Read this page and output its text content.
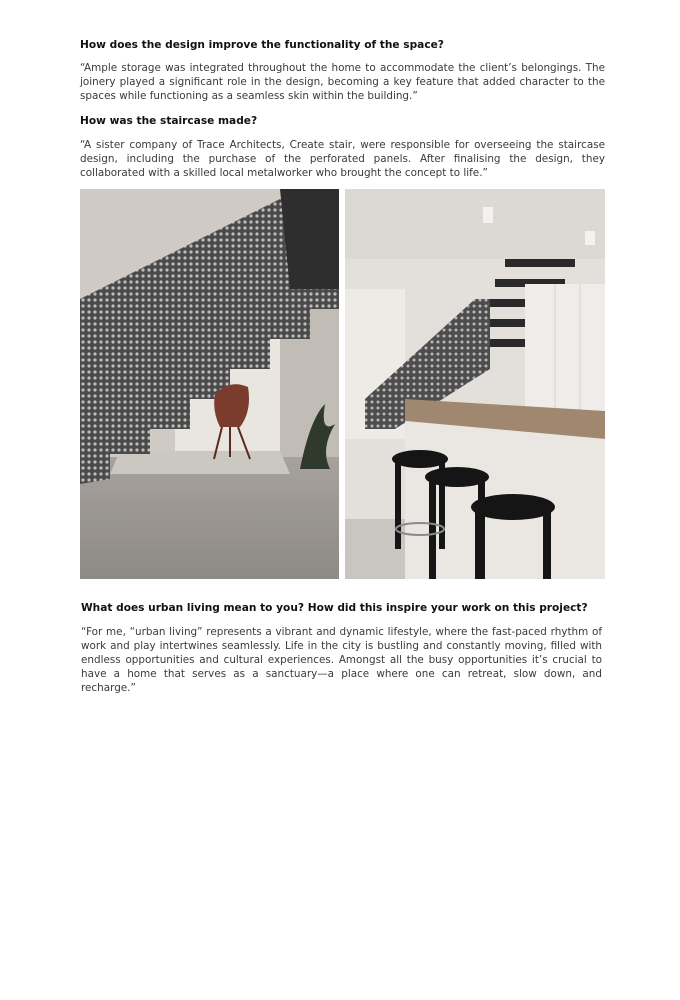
How does the design improve the functionality of the space?

“Ample storage was integrated throughout the home to accommodate the client’s belongings. The joinery played a significant role in the design, becoming a key feature that added character to the spaces while functioning as a seamless skin within the building.”

How was the staircase made?

“A sister company of Trace Architects, Create stair, were responsible for overseeing the staircase design, including the purchase of the perforated panels. After finalising the design, they collaborated with a skilled local metalworker who brought the concept to life.”

What does urban living mean to you? How did this inspire your work on this project?

“For me, “urban living” represents a vibrant and dynamic lifestyle, where the fast-paced rhythm of work and play intertwines seamlessly. Life in the city is bustling and constantly moving, filled with endless opportunities and cultural experiences. Amongst all the busy opportunities it’s crucial to have a home that serves as a sanctuary—a place where one can retreat, slow down, and recharge.”
